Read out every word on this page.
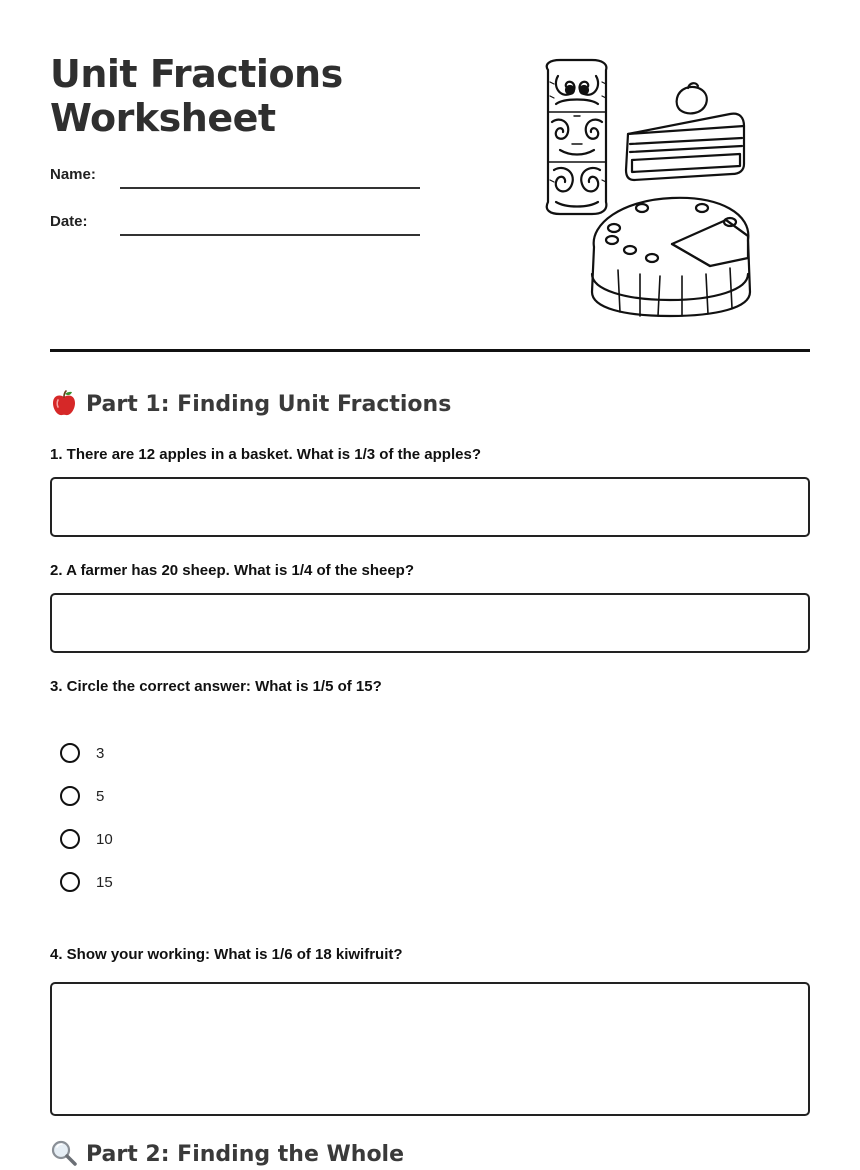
Unit Fractions
Worksheet
Name:
Date:
Part 1: Finding Unit Fractions

1. There are 12 apples in a basket. What is 1/3 of the apples?

2. A farmer has 20 sheep. What is 1/4 of the sheep?

3. Circle the correct answer: What is 1/5 of 15?

3
5
10
15

4. Show your working: What is 1/6 of 18 kiwifruit?

Part 2: Finding the Whole
